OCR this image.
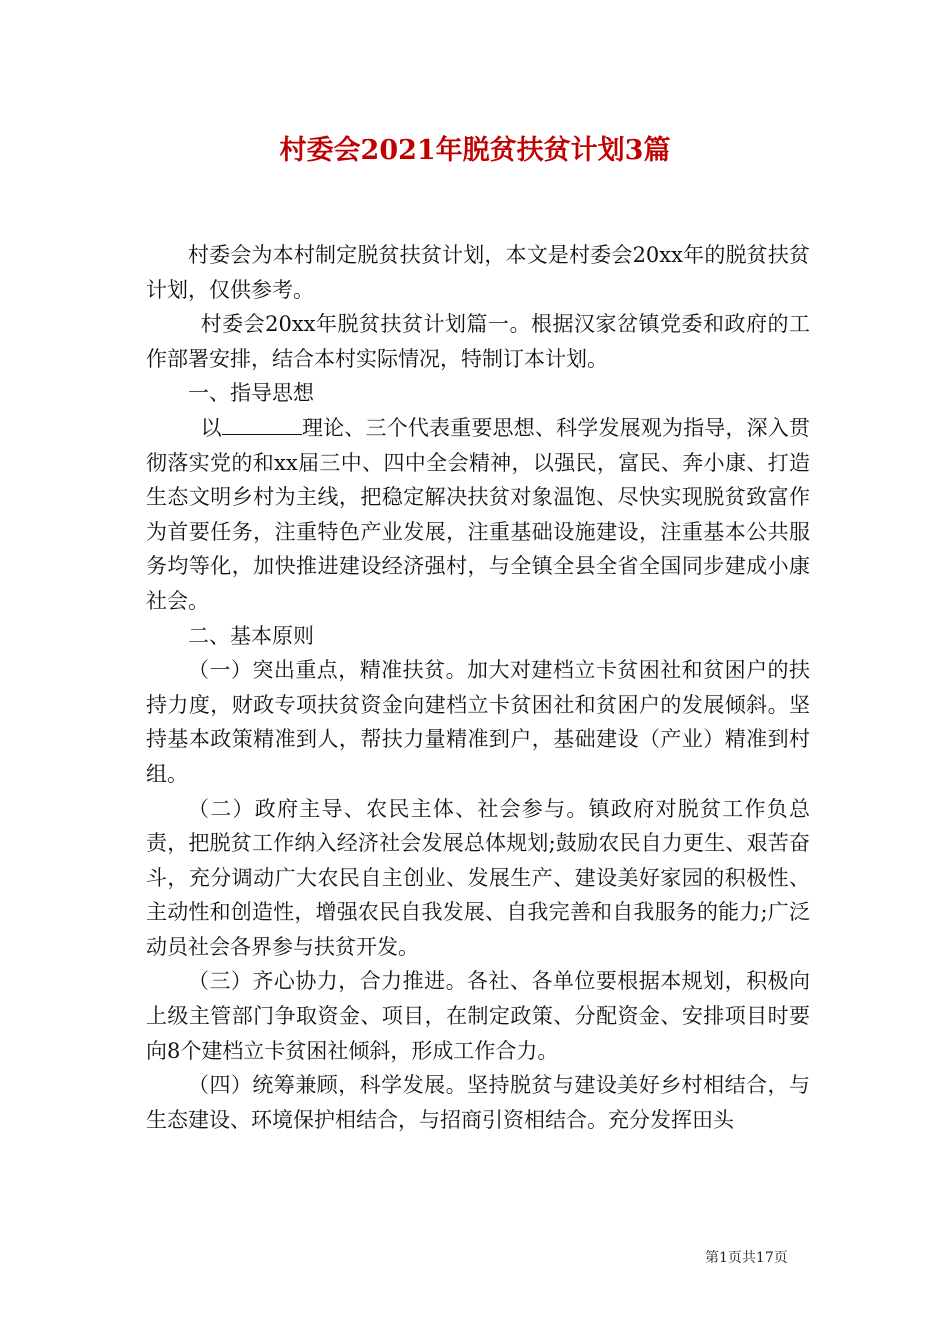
村委会2021年脱贫扶贫计划3篇

村委会为本村制定脱贫扶贫计划，本文是村委会20xx年的脱贫扶贫计划，仅供参考。

村委会20xx年脱贫扶贫计划篇一。根据汉家岔镇党委和政府的工作部署安排，结合本村实际情况，特制订本计划。

一、指导思想

以	理论、三个代表重要思想、科学发展观为指导，深入贯彻落实党的和xx届三中、四中全会精神，以强民，富民、奔小康、打造生态文明乡村为主线，把稳定解决扶贫对象温饱、尽快实现脱贫致富作为首要任务，注重特色产业发展，注重基础设施建设，注重基本公共服务均等化，加快推进建设经济强村，与全镇全县全省全国同步建成小康社会。

二、基本原则

（一）突出重点，精准扶贫。加大对建档立卡贫困社和贫困户的扶持力度，财政专项扶贫资金向建档立卡贫困社和贫困户的发展倾斜。坚持基本政策精准到人，帮扶力量精准到户，基础建设（产业）精准到村组。

（二）政府主导、农民主体、社会参与。镇政府对脱贫工作负总责，把脱贫工作纳入经济社会发展总体规划;鼓励农民自力更生、艰苦奋斗，充分调动广大农民自主创业、发展生产、建设美好家园的积极性、主动性和创造性，增强农民自我发展、自我完善和自我服务的能力;广泛动员社会各界参与扶贫开发。

（三）齐心协力，合力推进。各社、各单位要根据本规划，积极向上级主管部门争取资金、项目，在制定政策、分配资金、安排项目时要向8个建档立卡贫困社倾斜，形成工作合力。

（四）统筹兼顾，科学发展。坚持脱贫与建设美好乡村相结合，与生态建设、环境保护相结合，与招商引资相结合。充分发挥田头

第1页共17页
